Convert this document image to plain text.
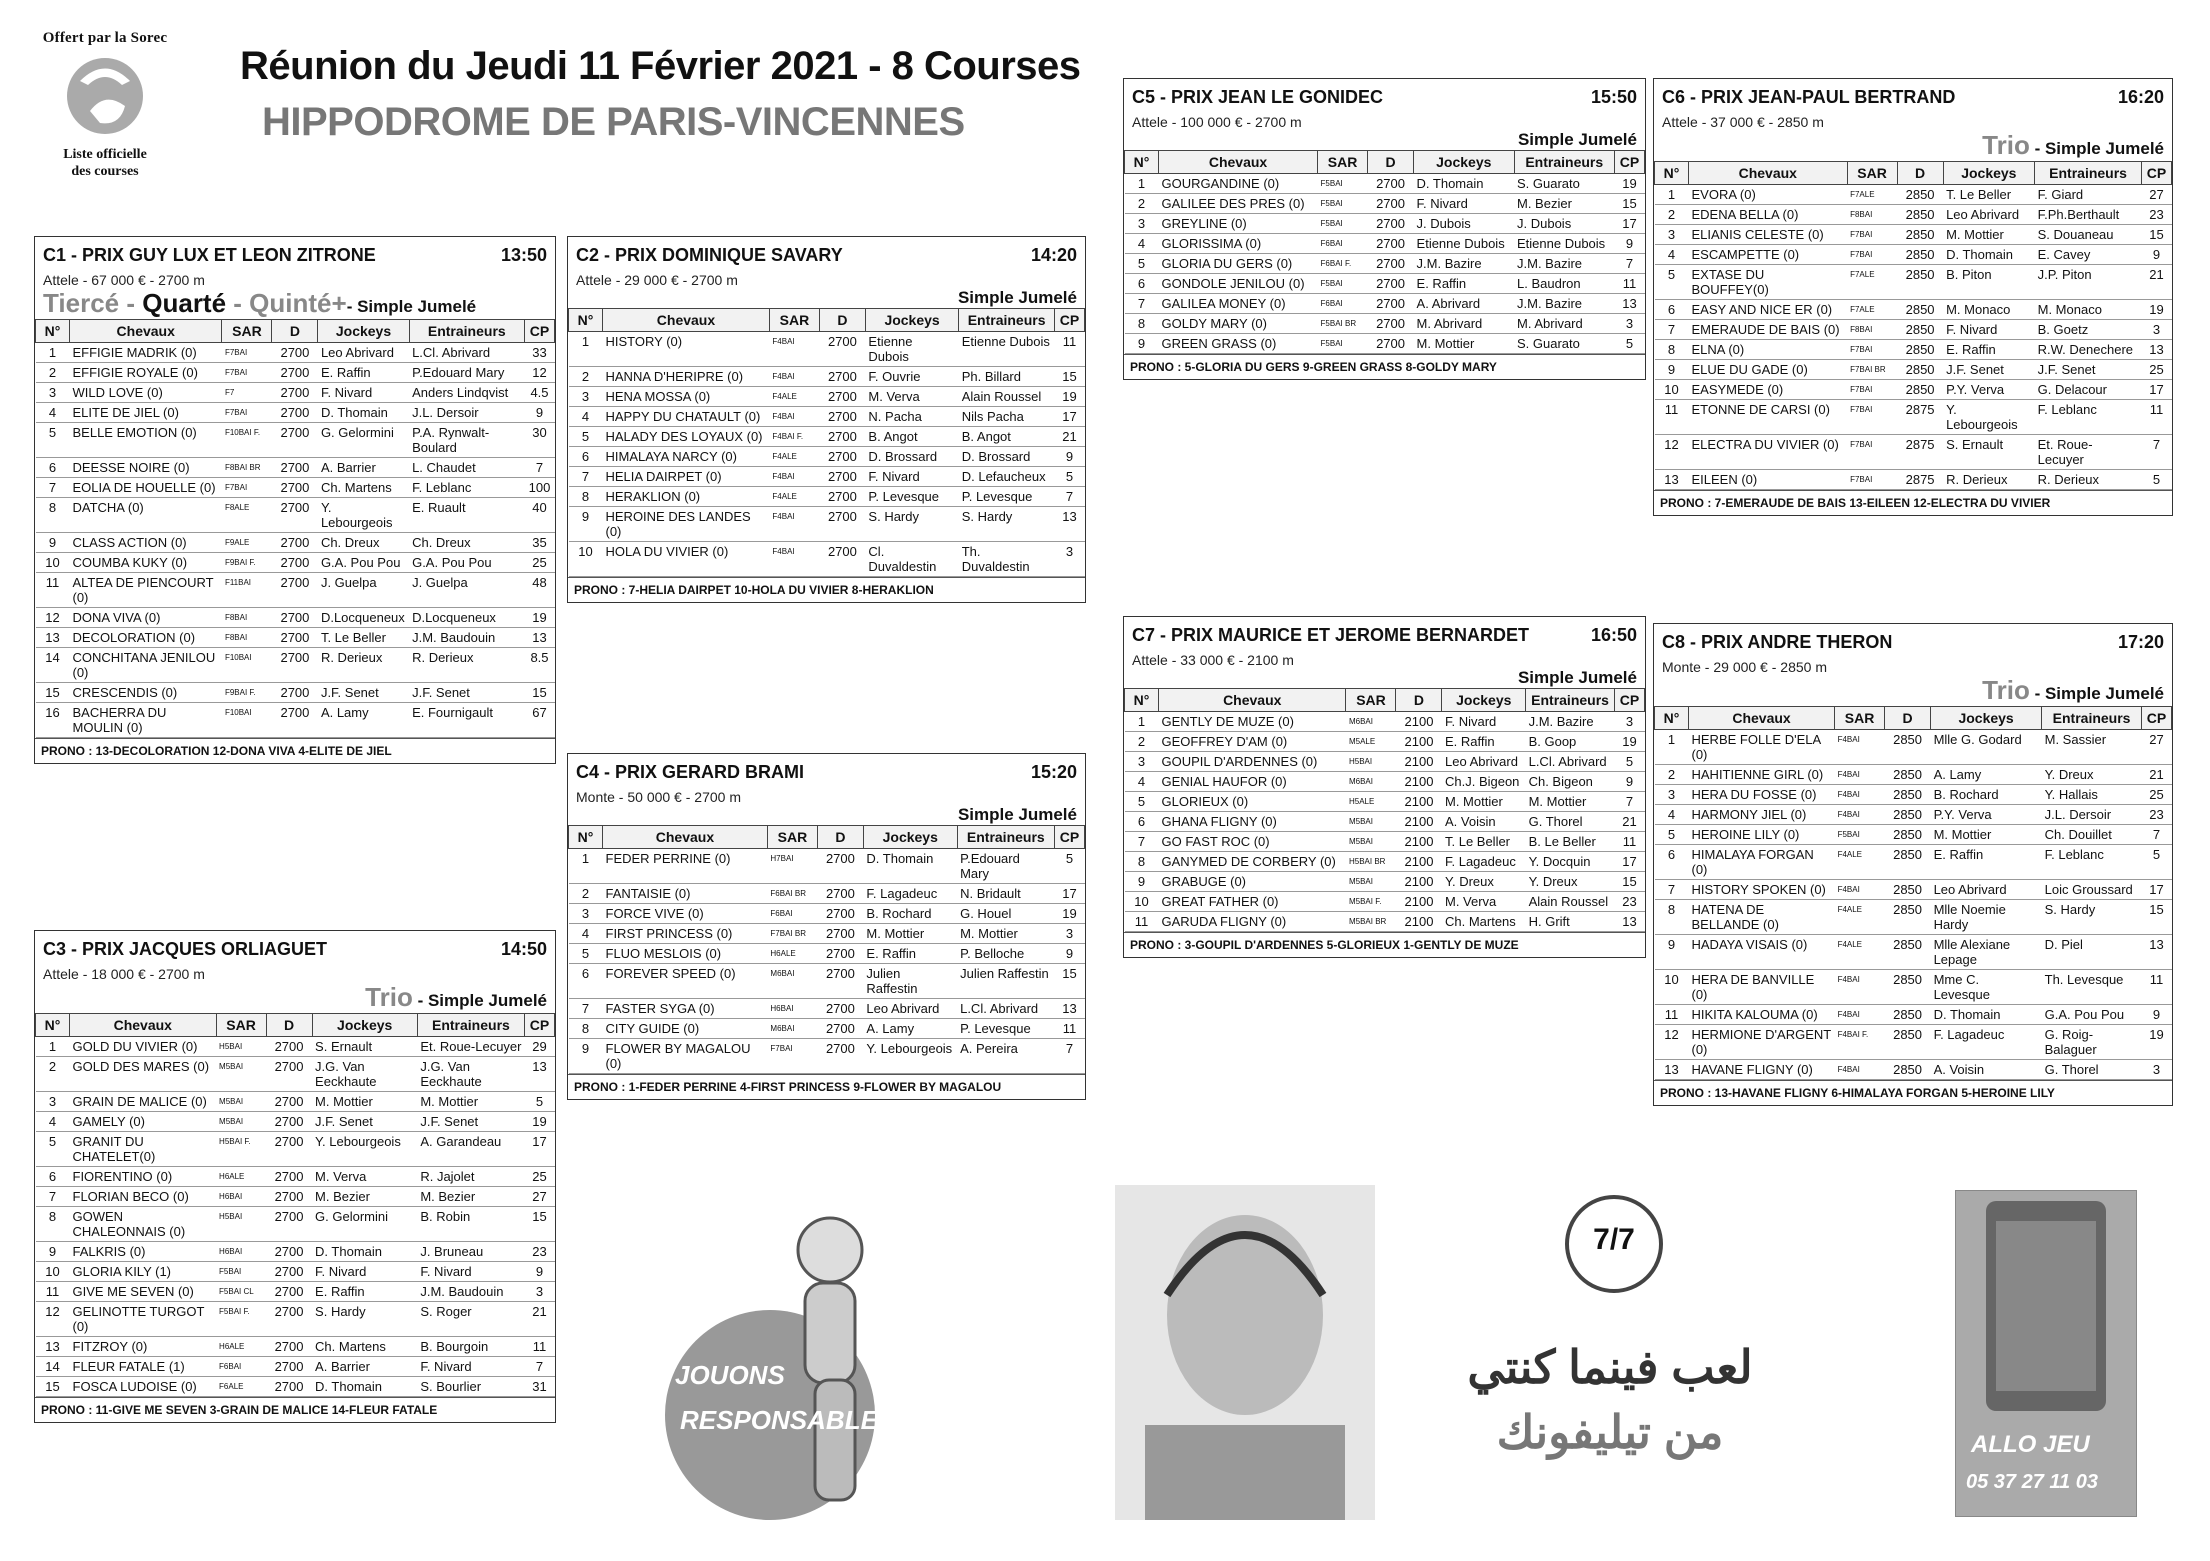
Offert par la Sorec
Liste officielle
des courses
Réunion du Jeudi 11 Février 2021 - 8 Courses
HIPPODROME DE PARIS-VINCENNES
C1 - PRIX GUY LUX ET LEON ZITRONE	13:50
Attele - 67 000 € - 2700 m
Tiercé - Quarté - Quinté+- Simple Jumelé
N°	Chevaux	SAR	D	Jockeys	Entraineurs	CP
1	EFFIGIE MADRIK (0)	F7BAI	2700	Leo Abrivard	L.Cl. Abrivard	33
2	EFFIGIE ROYALE (0)	F7BAI	2700	E. Raffin	P.Edouard Mary	12
3	WILD LOVE (0)	F7	2700	F. Nivard	Anders Lindqvist	4.5
4	ELITE DE JIEL (0)	F7BAI	2700	D. Thomain	J.L. Dersoir	9
5	BELLE EMOTION (0)	F10BAI F.	2700	G. Gelormini	P.A. Rynwalt-Boulard	30
6	DEESSE NOIRE (0)	F8BAI BR	2700	A. Barrier	L. Chaudet	7
7	EOLIA DE HOUELLE (0)	F7BAI	2700	Ch. Martens	F. Leblanc	100
8	DATCHA (0)	F8ALE	2700	Y. Lebourgeois	E. Ruault	40
9	CLASS ACTION (0)	F9ALE	2700	Ch. Dreux	Ch. Dreux	35
10	COUMBA KUKY (0)	F9BAI F.	2700	G.A. Pou Pou	G.A. Pou Pou	25
11	ALTEA DE PIENCOURT (0)	F11BAI	2700	J. Guelpa	J. Guelpa	48
12	DONA VIVA (0)	F8BAI	2700	D.Locqueneux	D.Locqueneux	19
13	DECOLORATION (0)	F8BAI	2700	T. Le Beller	J.M. Baudouin	13
14	CONCHITANA JENILOU (0)	F10BAI	2700	R. Derieux	R. Derieux	8.5
15	CRESCENDIS (0)	F9BAI F.	2700	J.F. Senet	J.F. Senet	15
16	BACHERRA DU MOULIN (0)	F10BAI	2700	A. Lamy	E. Fournigault	67
PRONO : 13-DECOLORATION 12-DONA VIVA 4-ELITE DE JIEL
C2 - PRIX DOMINIQUE SAVARY	14:20
Attele - 29 000 € - 2700 m
Simple Jumelé
N°	Chevaux	SAR	D	Jockeys	Entraineurs	CP
1	HISTORY (0)	F4BAI	2700	Etienne Dubois	Etienne Dubois	11
2	HANNA D'HERIPRE (0)	F4BAI	2700	F. Ouvrie	Ph. Billard	15
3	HENA MOSSA (0)	F4ALE	2700	M. Verva	Alain Roussel	19
4	HAPPY DU CHATAULT (0)	F4BAI	2700	N. Pacha	Nils Pacha	17
5	HALADY DES LOYAUX (0)	F4BAI F.	2700	B. Angot	B. Angot	21
6	HIMALAYA NARCY (0)	F4ALE	2700	D. Brossard	D. Brossard	9
7	HELIA DAIRPET (0)	F4BAI	2700	F. Nivard	D. Lefaucheux	5
8	HERAKLION (0)	F4ALE	2700	P. Levesque	P. Levesque	7
9	HEROINE DES LANDES (0)	F4BAI	2700	S. Hardy	S. Hardy	13
10	HOLA DU VIVIER (0)	F4BAI	2700	Cl. Duvaldestin	Th. Duvaldestin	3
PRONO : 7-HELIA DAIRPET 10-HOLA DU VIVIER 8-HERAKLION
C3 - PRIX JACQUES ORLIAGUET	14:50
Attele - 18 000 € - 2700 m
Trio - Simple Jumelé
N°	Chevaux	SAR	D	Jockeys	Entraineurs	CP
1	GOLD DU VIVIER (0)	H5BAI	2700	S. Ernault	Et. Roue-Lecuyer	29
2	GOLD DES MARES (0)	M5BAI	2700	J.G. Van Eeckhaute	J.G. Van Eeckhaute	13
3	GRAIN DE MALICE (0)	M5BAI	2700	M. Mottier	M. Mottier	5
4	GAMELY (0)	M5BAI	2700	J.F. Senet	J.F. Senet	19
5	GRANIT DU CHATELET(0)	H5BAI F.	2700	Y. Lebourgeois	A. Garandeau	17
6	FIORENTINO (0)	H6ALE	2700	M. Verva	R. Jajolet	25
7	FLORIAN BECO (0)	H6BAI	2700	M. Bezier	M. Bezier	27
8	GOWEN CHALEONNAIS (0)	H5BAI	2700	G. Gelormini	B. Robin	15
9	FALKRIS (0)	H6BAI	2700	D. Thomain	J. Bruneau	23
10	GLORIA KILY (1)	F5BAI	2700	F. Nivard	F. Nivard	9
11	GIVE ME SEVEN (0)	F5BAI CL	2700	E. Raffin	J.M. Baudouin	3
12	GELINOTTE TURGOT (0)	F5BAI F.	2700	S. Hardy	S. Roger	21
13	FITZROY (0)	H6ALE	2700	Ch. Martens	B. Bourgoin	11
14	FLEUR FATALE (1)	F6BAI	2700	A. Barrier	F. Nivard	7
15	FOSCA LUDOISE (0)	F6ALE	2700	D. Thomain	S. Bourlier	31
PRONO : 11-GIVE ME SEVEN 3-GRAIN DE MALICE 14-FLEUR FATALE
C4 - PRIX GERARD BRAMI	15:20
Monte - 50 000 € - 2700 m
Simple Jumelé
N°	Chevaux	SAR	D	Jockeys	Entraineurs	CP
1	FEDER PERRINE (0)	H7BAI	2700	D. Thomain	P.Edouard Mary	5
2	FANTAISIE (0)	F6BAI BR	2700	F. Lagadeuc	N. Bridault	17
3	FORCE VIVE (0)	F6BAI	2700	B. Rochard	G. Houel	19
4	FIRST PRINCESS (0)	F7BAI BR	2700	M. Mottier	M. Mottier	3
5	FLUO MESLOIS (0)	H6ALE	2700	E. Raffin	P. Belloche	9
6	FOREVER SPEED (0)	M6BAI	2700	Julien Raffestin	Julien Raffestin	15
7	FASTER SYGA (0)	H6BAI	2700	Leo Abrivard	L.Cl. Abrivard	13
8	CITY GUIDE (0)	M6BAI	2700	A. Lamy	P. Levesque	11
9	FLOWER BY MAGALOU (0)	F7BAI	2700	Y. Lebourgeois	A. Pereira	7
PRONO : 1-FEDER PERRINE 4-FIRST PRINCESS 9-FLOWER BY MAGALOU
C5 - PRIX JEAN LE GONIDEC	15:50
Attele - 100 000 € - 2700 m
Simple Jumelé
N°	Chevaux	SAR	D	Jockeys	Entraineurs	CP
1	GOURGANDINE (0)	F5BAI	2700	D. Thomain	S. Guarato	19
2	GALILEE DES PRES (0)	F5BAI	2700	F. Nivard	M. Bezier	15
3	GREYLINE (0)	F5BAI	2700	J. Dubois	J. Dubois	17
4	GLORISSIMA (0)	F6BAI	2700	Etienne Dubois	Etienne Dubois	9
5	GLORIA DU GERS (0)	F6BAI F.	2700	J.M. Bazire	J.M. Bazire	7
6	GONDOLE JENILOU (0)	F5BAI	2700	E. Raffin	L. Baudron	11
7	GALILEA MONEY (0)	F6BAI	2700	A. Abrivard	J.M. Bazire	13
8	GOLDY MARY (0)	F5BAI BR	2700	M. Abrivard	M. Abrivard	3
9	GREEN GRASS (0)	F5BAI	2700	M. Mottier	S. Guarato	5
PRONO : 5-GLORIA DU GERS 9-GREEN GRASS 8-GOLDY MARY
C6 - PRIX JEAN-PAUL BERTRAND	16:20
Attele - 37 000 € - 2850 m
Trio - Simple Jumelé
N°	Chevaux	SAR	D	Jockeys	Entraineurs	CP
1	EVORA (0)	F7ALE	2850	T. Le Beller	F. Giard	27
2	EDENA BELLA (0)	F8BAI	2850	Leo Abrivard	F.Ph.Berthault	23
3	ELIANIS CELESTE (0)	F7BAI	2850	M. Mottier	S. Douaneau	15
4	ESCAMPETTE (0)	F7BAI	2850	D. Thomain	E. Cavey	9
5	EXTASE DU BOUFFEY(0)	F7ALE	2850	B. Piton	J.P. Piton	21
6	EASY AND NICE ER (0)	F7ALE	2850	M. Monaco	M. Monaco	19
7	EMERAUDE DE BAIS (0)	F8BAI	2850	F. Nivard	B. Goetz	3
8	ELNA (0)	F7BAI	2850	E. Raffin	R.W. Denechere	13
9	ELUE DU GADE (0)	F7BAI BR	2850	J.F. Senet	J.F. Senet	25
10	EASYMEDE (0)	F7BAI	2850	P.Y. Verva	G. Delacour	17
11	ETONNE DE CARSI (0)	F7BAI	2875	Y. Lebourgeois	F. Leblanc	11
12	ELECTRA DU VIVIER (0)	F7BAI	2875	S. Ernault	Et. Roue-Lecuyer	7
13	EILEEN (0)	F7BAI	2875	R. Derieux	R. Derieux	5
PRONO : 7-EMERAUDE DE BAIS 13-EILEEN 12-ELECTRA DU VIVIER
C7 - PRIX MAURICE ET JEROME BERNARDET	16:50
Attele - 33 000 € - 2100 m
Simple Jumelé
N°	Chevaux	SAR	D	Jockeys	Entraineurs	CP
1	GENTLY DE MUZE (0)	M6BAI	2100	F. Nivard	J.M. Bazire	3
2	GEOFFREY D'AM (0)	M5ALE	2100	E. Raffin	B. Goop	19
3	GOUPIL D'ARDENNES (0)	H5BAI	2100	Leo Abrivard	L.Cl. Abrivard	5
4	GENIAL HAUFOR (0)	M6BAI	2100	Ch.J. Bigeon	Ch. Bigeon	9
5	GLORIEUX (0)	H5ALE	2100	M. Mottier	M. Mottier	7
6	GHANA FLIGNY (0)	M5BAI	2100	A. Voisin	G. Thorel	21
7	GO FAST ROC (0)	M5BAI	2100	T. Le Beller	B. Le Beller	11
8	GANYMED DE CORBERY (0)	H5BAI BR	2100	F. Lagadeuc	Y. Docquin	17
9	GRABUGE (0)	M5BAI	2100	Y. Dreux	Y. Dreux	15
10	GREAT FATHER (0)	M5BAI F.	2100	M. Verva	Alain Roussel	23
11	GARUDA FLIGNY (0)	M5BAI BR	2100	Ch. Martens	H. Grift	13
PRONO : 3-GOUPIL D'ARDENNES 5-GLORIEUX 1-GENTLY DE MUZE
C8 - PRIX ANDRE THERON	17:20
Monte - 29 000 € - 2850 m
Trio - Simple Jumelé
N°	Chevaux	SAR	D	Jockeys	Entraineurs	CP
1	HERBE FOLLE D'ELA (0)	F4BAI	2850	Mlle G. Godard	M. Sassier	27
2	HAHITIENNE GIRL (0)	F4BAI	2850	A. Lamy	Y. Dreux	21
3	HERA DU FOSSE (0)	F4BAI	2850	B. Rochard	Y. Hallais	25
4	HARMONY JIEL (0)	F4BAI	2850	P.Y. Verva	J.L. Dersoir	23
5	HEROINE LILY (0)	F5BAI	2850	M. Mottier	Ch. Douillet	7
6	HIMALAYA FORGAN (0)	F4ALE	2850	E. Raffin	F. Leblanc	5
7	HISTORY SPOKEN (0)	F4BAI	2850	Leo Abrivard	Loic Groussard	17
8	HATENA DE BELLANDE (0)	F4ALE	2850	Mlle Noemie Hardy	S. Hardy	15
9	HADAYA VISAIS (0)	F4ALE	2850	Mlle Alexiane Lepage	D. Piel	13
10	HERA DE BANVILLE (0)	F4BAI	2850	Mme C. Levesque	Th. Levesque	11
11	HIKITA KALOUMA (0)	F4BAI	2850	D. Thomain	G.A. Pou Pou	9
12	HERMIONE D'ARGENT (0)	F4BAI F.	2850	F. Lagadeuc	G. Roig-Balaguer	19
13	HAVANE FLIGNY (0)	F4BAI	2850	A. Voisin	G. Thorel	3
PRONO : 13-HAVANE FLIGNY 6-HIMALAYA FORGAN 5-HEROINE LILY
JOUONS
RESPONSABLE
7/7
لعب فينما كنتي
من تيليفونك	ALLO JEU
05 37 27 11 03
